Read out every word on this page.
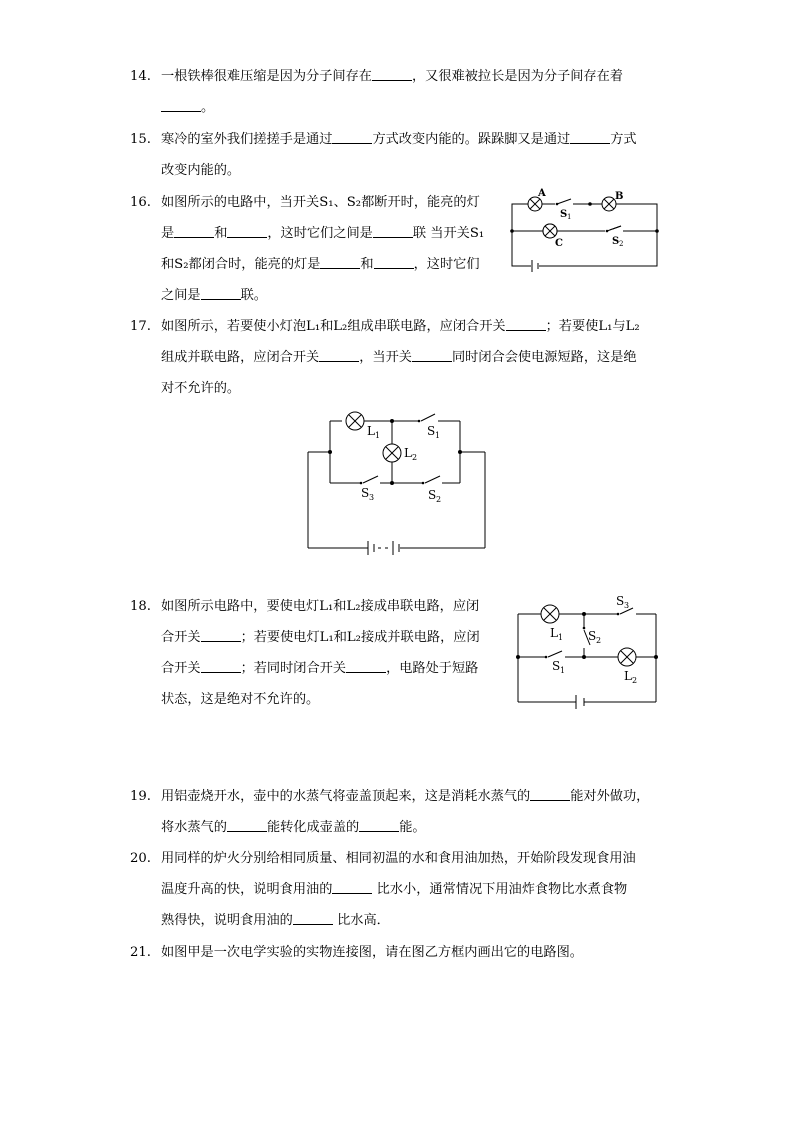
14. 一根铁棒很难压缩是因为分子间存在	，又很难被拉长是因为分子间存在着
。
15. 寒冷的室外我们搓搓手是通过	方式改变内能的。跺跺脚又是通过	方式
改变内能的。
16. 如图所示的电路中，当开关S₁、S₂都断开时，能亮的灯
是	和	，这时它们之间是	联 当开关S₁
和S₂都闭合时，能亮的灯是	和	，这时它们
之间是	联。
A	B
C
S 1
S 2
17. 如图所示，若要使小灯泡L₁和L₂组成串联电路，应闭合开关	；若要使L₁与L₂
组成并联电路，应闭合开关	，当开关	同时闭合会使电源短路，这是绝
对不允许的。
L 1
L 2
S 1
S 3	S 2
18. 如图所示电路中，要使电灯L₁和L₂接成串联电路，应闭
合开关	；若要使电灯L₁和L₂接成并联电路，应闭
合开关	；若同时闭合开关	，电路处于短路
状态，这是绝对不允许的。
L 1
L 2
S 3
S 2
S 1
19. 用铝壶烧开水，壶中的水蒸气将壶盖顶起来，这是消耗水蒸气的	能对外做功，
将水蒸气的	能转化成壶盖的	能。
20. 用同样的炉火分别给相同质量、相同初温的水和食用油加热，开始阶段发现食用油
温度升高的快，说明食用油的	比水小，通常情况下用油炸食物比水煮食物
熟得快，说明食用油的	比水高．
21. 如图甲是一次电学实验的实物连接图，请在图乙方框内画出它的电路图。
